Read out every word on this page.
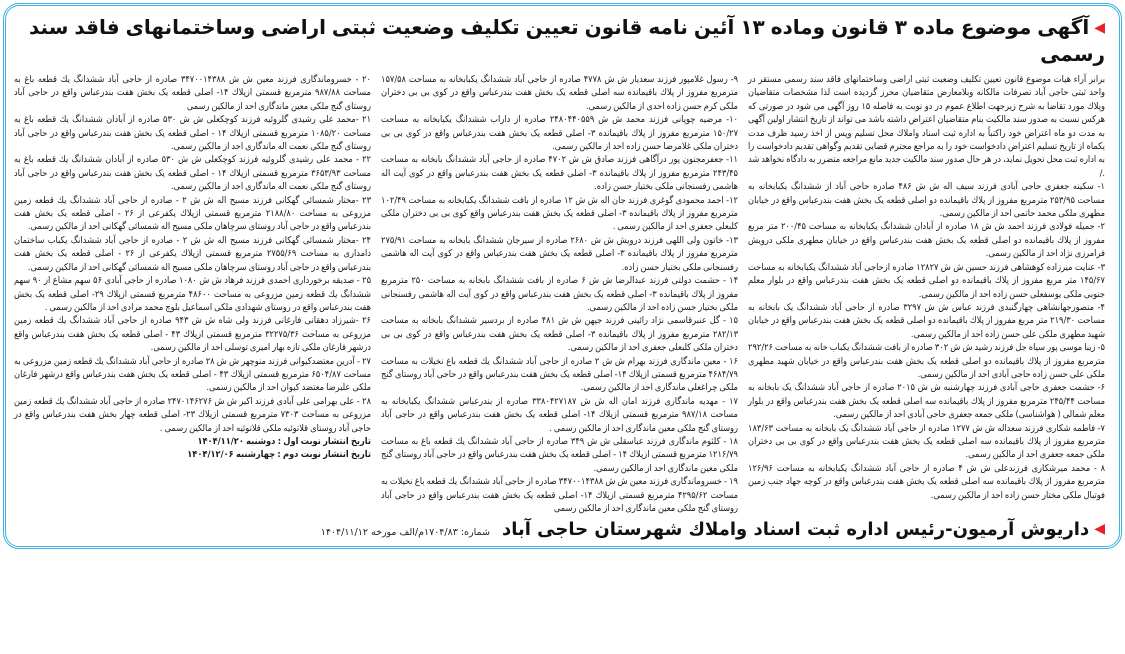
◀آگهی موضوع ماده ۳ قانون وماده ۱۳ آئین نامه قانون تعیین تکلیف وضعیت ثبتی اراضی وساختمانهای فاقد سند رسمی

برابر آراء هیات موضوع قانون تعیین تکلیف وضعیت ثبتی اراضی وساختمانهای فاقد سند رسمی مستقر در واحد ثبتی حاجی آباد تصرفات مالکانه وبلامعارض متقاضیان محرز گردیده است لذا مشخصات متقاضیان وپلاك مورد تقاضا به شرح زیرجهت اطلاع عموم در دو نوبت به فاصله ۱۵ روز آگهی می شود در صورتی که هرکس نسبت به صدور سند مالکیت بنام متقاضیان اعتراض داشته باشد می تواند از تاریخ انتشار اولین آگهی به مدت دو ماه اعتراض خود راکتباً به اداره ثبت اسناد واملاك محل تسلیم وپس از اخذ رسید ظرف مدت یکماه از تاریخ تسلیم اعتراض دادخواست خود را به مراجع محترم قضایی تقدیم وگواهی تقدیم دادخواست را به اداره ثبت محل تحویل نماید، در هر حال صدور سند مالکیت جدید مانع مراجعه متضرر به دادگاه نخواهد شد ./

۱- سکینه جعفری حاجی آبادی فرزند سیف اله ش ش ۴۸۶ صادره حاجی آباد از ششدانگ یکبابخانه به مساحت ۲۵۳/۹۵ مترمربع مفروز از پلاك باقیمانده دو اصلی قطعه یک بخش هفت بندرعباس واقع در خیابان مطهری ملکی محمد حاتمی احد از مالکین رسمی.

۲- جمیله فولادی فرزند احمد ش ش ۱۸ صادره از آبادان ششدانگ یکبابخانه به مساحت ۲۰۰/۴۵ متر مربع مفروز از پلاك باقیمانده دو اصلی قطعه یک بخش هفت بندرعباس واقع در خیابان مطهری ملکی درویش فرامرزی نژاد احد از مالکین رسمی.

۳- عنایت میرزاده کوهشاهی فرزند حسین ش ش ۱۲۸۲۷ صادره ازحاجی آباد ششدانگ یکبابخانه به مساحت ۱۴۵/۶۷ متر مربع مفروز از پلاك باقیمانده دو اصلی قطعه یک بخش هفت بندرعباس واقع در بلوار معلم جنوبی ملکی یوسفعلی حسن زاده احد از مالکین رسمی.

۴- منصورجهانشاهی چهارگنبدی فرزند عباس ش ش ۳۲۹۷ صادره از حاجی آباد ششدانگ یک بابخانه به مساحت ۲۱۹/۳۰ متر مربع مفروز از پلاك باقیمانده دو اصلی قطعه یک بخش هفت بندرعباس واقع در خیابان شهید مطهری ملکی علی حسن زاده احد از مالکین رسمی.

۵- زیبا موسی پور سیاه جل فرزند رشید ش ش ۳۰۲ صادره از بافت ششدانگ یکباب خانه به مساحت ۲۹۲/۲۶ مترمربع مفروز از پلاك باقیمانده دو اصلی قطعه یک بخش هفت بندرعباس واقع در خیابان شهید مطهری ملکی علی حسن زاده حاجی آبادی احد از مالکین رسمی.

۶- حشمت جعفری حاجی آبادی فرزند چهارشنبه ش ش ۲۰۱۵ صادره از حاجی آباد ششدانگ یک بابخانه به مساحت ۲۴۵/۴۴ مترمربع مفروز از پلاك باقیمانده سه اصلی قطعه یک بخش هفت بندرعباس واقع در بلوار معلم شمالی ( هواشناسی) ملکی جمعه جعفری حاجی آبادی احد از مالکین رسمی.

۷- فاطمه شکاری فرزند سعداله ش ش ۱۲۷۷ صادره از حاجی آباد ششدانگ یک بابخانه به مساحت ۱۸۳/۶۳ مترمربع مفروز از پلاك باقیمانده سه اصلی قطعه یک بخش هفت بندرعباس واقع در کوی بی بی دختران ملکی جمعه جعفری احد از مالکین رسمی.

۸ - محمد میرشکاری فرزندعلی ش ش ۴ صادره از حاجی آباد ششدانگ یکبابخانه به مساحت ۱۲۶/۹۶ مترمربع مفروز از پلاك باقیمانده سه اصلی قطعه یک بخش هفت بندرعباس واقع در کوچه جهاد جنب زمین فوتبال ملکی مختار حسن زاده احد از مالکین رسمی.

۹- رسول غلامپور فرزند سعدیار ش ش ۴۷۷۸ صادره از حاجی آباد ششدانگ یکبابخانه به مساحت ۱۵۷/۵۸ مترمربع مفروز از پلاك باقیمانده سه اصلی قطعه یک بخش هفت بندرعباس واقع در کوی بی بی دختران ملکی کرم حسن زاده احدی از مالکین رسمی.

۱۰- مرضیه چوپانی فرزند محمد ش ش ۲۴۸۰۴۴۰۵۵۹ صادره از داراب ششدانگ یکبابخانه به مساحت ۱۵۰/۲۷ مترمربع مفروز از پلاك باقیمانده ۳- اصلی قطعه یک بخش هفت بندرعباس واقع در کوی بی بی دختران ملکی غلامرضا حسن زاده احد از مالکین رسمی.

۱۱- جعفرمجنون پور درآگاهی فرزند صادق ش ش ۴۷۰۲ صادره از حاجی آباد ششدانگ بابخانه به مساحت ۲۴۳/۴۵ مترمربع مفروز از پلاك باقیمانده ۳- اصلی قطعه یک بخش هفت بندرعباس واقع در کوی آیت اله هاشمی رفسنجانی ملکی بختیار حسن زاده.

۱۲- احمد محمودی گوغری فرزند جان اله ش ش ۱۲ صادره از بافت ششدانگ یکبابخانه به مساحت ۱۰۲/۴۹ مترمربع مفروز از پلاك باقیمانده ۳- اصلی قطعه یک بخش هفت بندرعباس واقع کوی بی بی دختران ملکی کلبعلی جعفری احد از مالکین رسمی .

۱۳- خاتون ولی اللهی فرزند درویش ش ش ۲۶۸۰ صادره از سیرجان ششدانگ بابخانه به مساحت ۲۷۵/۹۱ مترمربع مفروز از پلاك باقیمانده ۳- اصلی قطعه یک بخش هفت بندرعباس واقع در کوی آیت اله هاشمی رفسنجانی ملکی بختیار حسن زاده.

۱۴ - حشمت دولتی فرزند عبدالرضا ش ش ۶ صادره از بافت ششدانگ بابخانه به مساحت ۲۵۰ مترمربع مفروز از پلاك باقیمانده ۳- اصلی قطعه یک بخش هفت بندرعباس واقع در کوی آیت اله هاشمی رفسنجانی ملکی بختیار حسن زاده احد از مالکین رسمی.

۱۵ - گل عنبرقاسمی نژاد رائینی فرزند جیهن ش ش ۴۸۱ صادره از بردسیر ششدانگ بابخانه به مساحت ۲۸۲/۱۳ مترمربع مفروز از پلاك باقیمانده ۳- اصلی قطعه یک بخش هفت بندرعباس واقع در کوی بی بی دختران ملکی کلبعلی جعفری احد از مالکین رسمی.

۱۶ - معین ماندگاری فرزند بهرام ش ش ۲ صادره از حاجی آباد ششدانگ یك قطعه باغ نخیلات به مساحت ۴۶۸۴/۷۹ مترمربع قسمتی ازپلاك ۱۴- اصلی قطعه یک بخش هفت بندرعباس واقع در حاجی آباد روستای گنج ملکی چراغعلی ماندگاری احد از مالکین رسمی.

۱۷ - مهدیه ماندگاری فرزند امان اله ش ش ۳۳۸۰۴۲۷۱۸۷ صادره از بندرعباس ششدانگ یکبابخانه به مساحت ۹۸۷/۱۸ مترمربع قسمتی ازپلاك ۱۴- اصلی قطعه یک بخش هفت بندرعباس واقع در حاجی آباد روستای گنج ملکی معین ماندگاری احد از مالکین رسمی .

۱۸ - کلثوم ماندگاری فرزند عباسقلی ش ش ۳۴۹ صادره از حاجی آباد ششدانگ یك قطعه باغ به مساحت ۱۲۱۶/۷۹ مترمربع قسمتی ازپلاك ۱۴ - اصلی قطعه یک بخش هفت بندرعباس واقع در حاجی آباد روستای گنج ملکی معین ماندگاری احد از مالکین رسمی.

۱۹ - خسروماندگاری فرزند معین ش ش ۳۴۷۰۰۱۴۳۸۸ صادره از حاجی آباد ششدانگ یك قطعه باغ نخیلات به مساحت ۴۲۹۵/۶۲ مترمربع قسمتی ازپلاك ۱۴- اصلی قطعه یک بخش هفت بندرعباس واقع در حاجی آباد روستای گنج ملکی معین ماندگاری احد از مالکین رسمی

۲۰ - خسروماندگاری فرزند معین ش ش ۳۴۷۰۰۱۴۳۸۸ صادره از حاجی آباد ششدانگ یك قطعه باغ به مساحت ۹۸۷/۸۸ مترمربع قسمتی ازپلاك ۱۴- اصلی قطعه یک بخش هفت بندرعباس واقع در حاجی آباد روستای گنج ملکی معین ماندگاری احد از مالکین رسمی

۲۱ -محمد علی رشیدی گلروئیه فرزند کوچکعلی ش ش ۵۳۰ صادره از آبادان ششدانگ یك قطعه باغ به مساحت ۱۰۸۵/۲۰ مترمربع قسمتی ازپلاك ۱۴ - اصلی قطعه یک بخش هفت بندرعباس واقع در حاجی آباد روستای گنج ملکی نعمت اله ماندگاری احد از مالکین رسمی.

۲۲ - محمد علی رشیدی گلروئیه فرزند کوچکعلی ش ش ۵۳۰ صادره از آبادان ششدانگ یك قطعه باغ به مساحت ۳۶۵۳/۹۳ مترمربع قسمتی ازپلاك ۱۴ - اصلی قطعه یک بخش هفت بندرعباس واقع در حاجی آباد روستای گنج ملکی نعمت اله ماندگاری احد از مالکین رسمی.

۲۳ -مختار شمسائی گهکانی فرزند مسیح اله ش ش ۲ - صادره از حاجی آباد ششدانگ یك قطعه زمین مزروعی به مساحت ۲۱۸۸/۸۰ مترمربع قسمتی ازپلاك یکفرعی از ۲۶ - اصلی قطعه یک بخش هفت بندرعباس واقع در حاجی آباد روستای سرچاهان ملکی مسیح اله شمسائی گهکانی احد از مالکین رسمی.

۲۴ -مختار شمسائی گهکانی فرزند مسیح اله ش ش ۲ - صادره از حاجی آباد ششدانگ یکباب ساختمان دامداری به مساحت ۲۷۵۵/۶۹ مترمربع قسمتی ازپلاك یکفرعی از ۲۶ - اصلی قطعه یک بخش هفت بندرعباس واقع در حاجی آباد روستای سرچاهان ملکی مسیح اله شمسائی گهکانی احد از مالکین رسمی.

۲۵ - صدیقه برخورداری احمدی فرزند فرهاد ش ش ۱۰۸۰ صادره از حاجی آبادی ۵۶ سهم مشاع از ۹۰ سهم ششدانگ یك قطعه زمین مزروعی به مساحت ۴۸۶۰۰ مترمربع قسمتی ازپلاك ۲۹- اصلی قطعه یک بخش هفت بندرعباس واقع در روستای شهدادی ملکی اسماعیل بلوچ محمد مرادی احد از مالکین رسمی .

۲۶ -شیرزاد دهقانی فارغانی فرزند ولی شاه ش ش ۹۴۳ صادره از حاجی آباد ششدانگ یك قطعه زمین مزروعی به مساحت ۳۲۲۷۵/۳۶ مترمربع قسمتی ازپلاك ۴۳ - اصلی قطعه یک بخش هفت بندرعباس واقع درشهر فارغان ملکی تازه بهار امیری توسلی احد از مالکین رسمی.

۲۷ - آدرین معتضدکیوانی فرزند منوچهر ش ش ۲۸ صادره از حاجی آباد ششدانگ یك قطعه زمین مزروعی به مساحت ۶۵۰۴/۸۷ مترمربع قسمتی ازپلاك ۴۳ - اصلی قطعه یک بخش هفت بندرعباس واقع درشهر فارغان ملکی علیرضا معتضد کیوان احد از مالکین رسمی.

۲۸ - علی بهرامی علی آبادی فرزند اکبر ش ش ۲۴۷۰۱۴۶۲۷۶ صادره از حاجی آباد ششدانگ یك قطعه زمین مزروعی به مساحت ۷۳۰۳ مترمربع قسمتی ازپلاك ۲۳- اصلی قطعه چهار بخش هفت بندرعباس واقع در حاجی آباد روستای قلاتوئیه ملکی قلاتوئیه احد از مالکین رسمی .

تاریخ انتشار نوبت اول : دوشنبه ۱۴۰۴/۱۱/۲۰

تاریخ انتشار نوبت دوم : چهارشنبه ۱۴۰۴/۱۲/۰۶

◀داریوش آرمیون-رئیس اداره ثبت اسناد واملاك شهرستان حاجی آبادشماره: ۱۷۰۴/۸۳م/الف مورخه ۱۴۰۴/۱۱/۱۲
